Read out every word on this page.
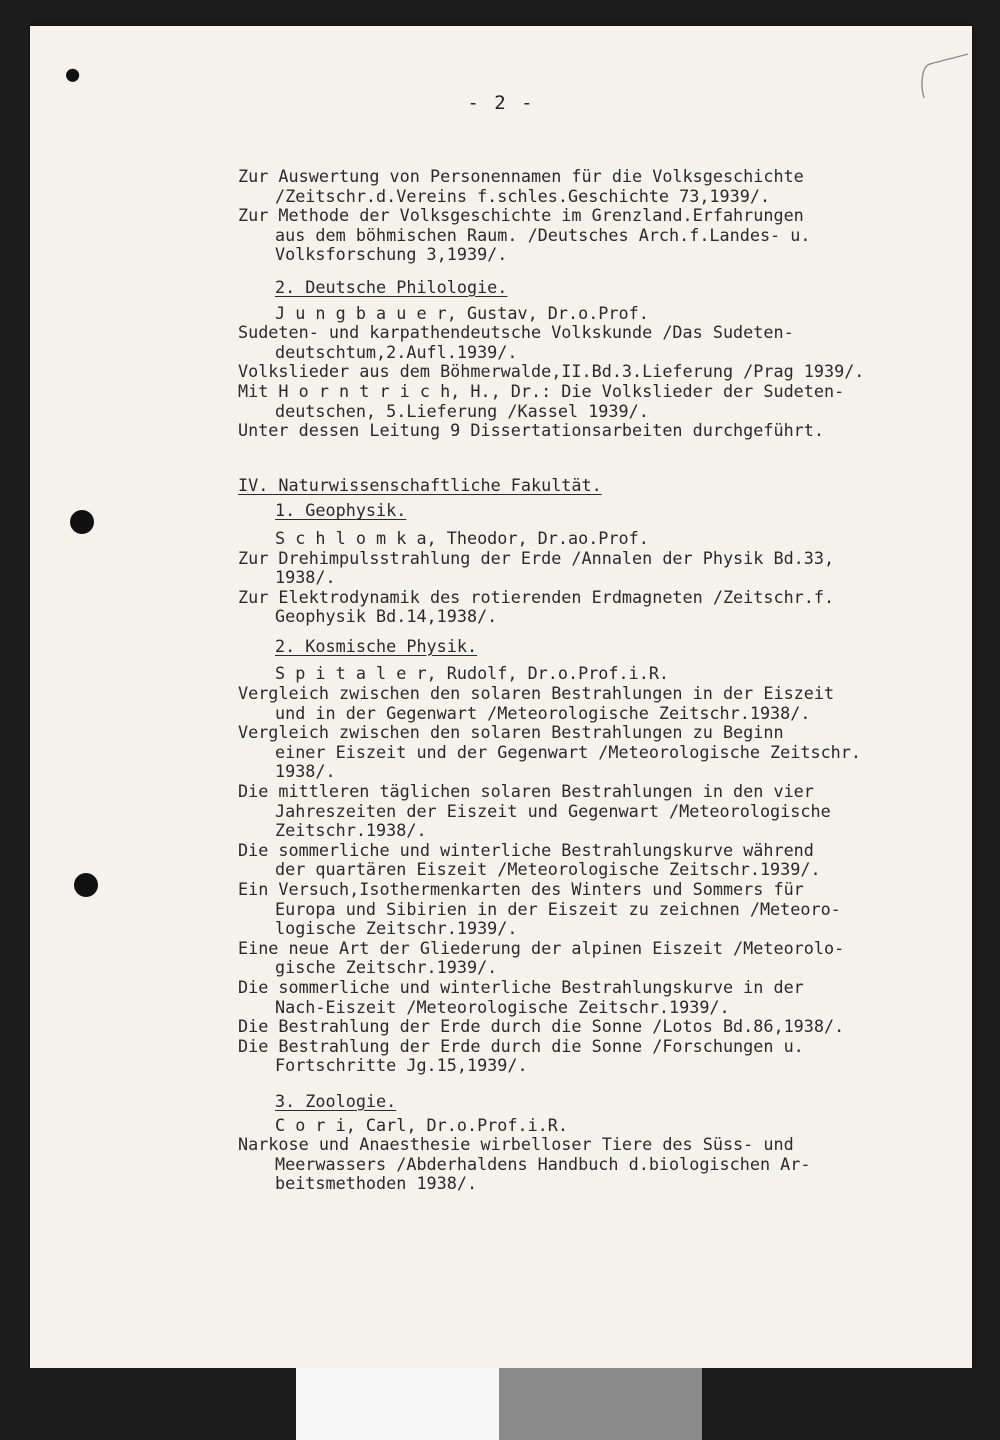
●
- 2 -
Zur Auswertung von Personennamen für die Volksgeschichte
/Zeitschr.d.Vereins f.schles.Geschichte 73,1939/.
Zur Methode der Volksgeschichte im Grenzland.Erfahrungen
aus dem böhmischen Raum. /Deutsches Arch.f.Landes- u.
Volksforschung 3,1939/.
2. Deutsche Philologie.
J u n g b a u e r, Gustav, Dr.o.Prof.
Sudeten- und karpathendeutsche Volkskunde /Das Sudeten-
deutschtum,2.Aufl.1939/.
Volkslieder aus dem Böhmerwalde,II.Bd.3.Lieferung /Prag 1939/.
Mit H o r n t r i c h, H., Dr.: Die Volkslieder der Sudeten-
deutschen, 5.Lieferung /Kassel 1939/.
Unter dessen Leitung 9 Dissertationsarbeiten durchgeführt.
IV. Naturwissenschaftliche Fakultät.
1. Geophysik.
S c h l o m k a, Theodor, Dr.ao.Prof.
Zur Drehimpulsstrahlung der Erde /Annalen der Physik Bd.33,
1938/.
Zur Elektrodynamik des rotierenden Erdmagneten /Zeitschr.f.
Geophysik Bd.14,1938/.
2. Kosmische Physik.
S p i t a l e r, Rudolf, Dr.o.Prof.i.R.
Vergleich zwischen den solaren Bestrahlungen in der Eiszeit
und in der Gegenwart /Meteorologische Zeitschr.1938/.
Vergleich zwischen den solaren Bestrahlungen zu Beginn
einer Eiszeit und der Gegenwart /Meteorologische Zeitschr.
1938/.
Die mittleren täglichen solaren Bestrahlungen in den vier
Jahreszeiten der Eiszeit und Gegenwart /Meteorologische
Zeitschr.1938/.
Die sommerliche und winterliche Bestrahlungskurve während
der quartären Eiszeit /Meteorologische Zeitschr.1939/.
Ein Versuch,Isothermenkarten des Winters und Sommers für
Europa und Sibirien in der Eiszeit zu zeichnen /Meteoro-
logische Zeitschr.1939/.
Eine neue Art der Gliederung der alpinen Eiszeit /Meteorolo-
gische Zeitschr.1939/.
Die sommerliche und winterliche Bestrahlungskurve in der
Nach-Eiszeit /Meteorologische Zeitschr.1939/.
Die Bestrahlung der Erde durch die Sonne /Lotos Bd.86,1938/.
Die Bestrahlung der Erde durch die Sonne /Forschungen u.
Fortschritte Jg.15,1939/.
3. Zoologie.
C o r i, Carl, Dr.o.Prof.i.R.
Narkose und Anaesthesie wirbelloser Tiere des Süss- und
Meerwassers /Abderhaldens Handbuch d.biologischen Ar-
beitsmethoden 1938/.
